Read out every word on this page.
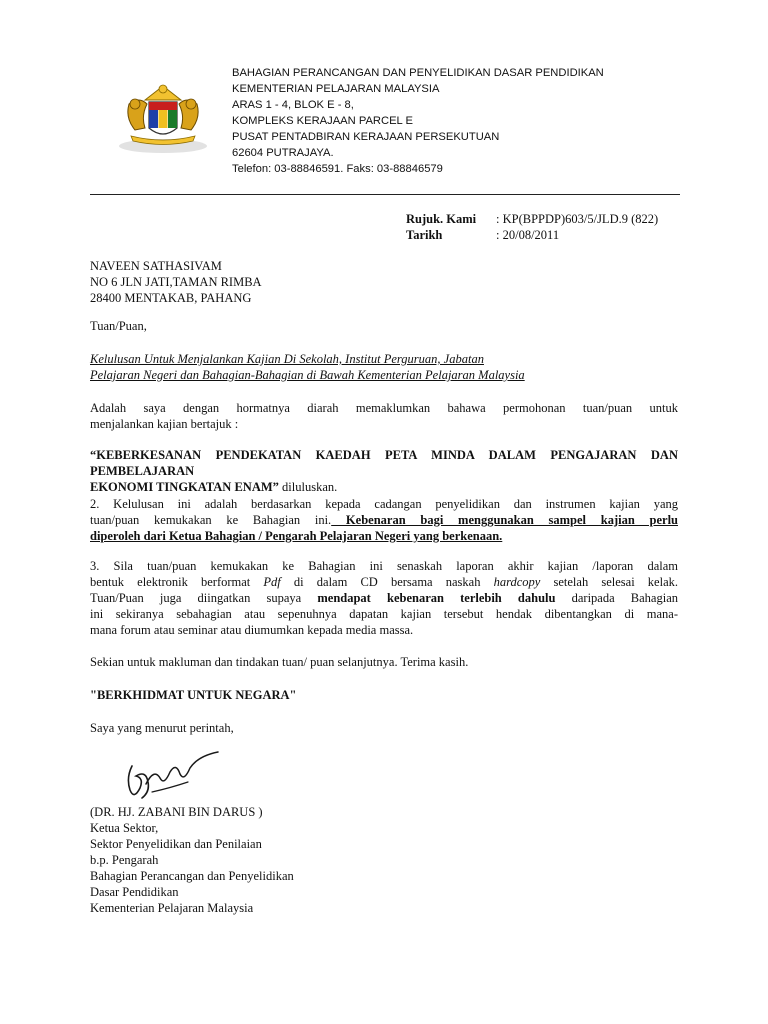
BAHAGIAN PERANCANGAN DAN PENYELIDIKAN DASAR PENDIDIKAN
KEMENTERIAN PELAJARAN MALAYSIA
ARAS 1 - 4, BLOK E - 8,
KOMPLEKS KERAJAAN PARCEL E
PUSAT PENTADBIRAN KERAJAAN PERSEKUTUAN
62604 PUTRAJAYA.
Telefon: 03-88846591. Faks: 03-88846579
Rujuk. Kami	: KP(BPPDP)603/5/JLD.9 (822)
Tarikh	: 20/08/2011
NAVEEN SATHASIVAM
NO 6 JLN JATI,TAMAN RIMBA
28400 MENTAKAB, PAHANG
Tuan/Puan,
Kelulusan Untuk Menjalankan Kajian Di Sekolah, Institut Perguruan, Jabatan
Pelajaran Negeri dan Bahagian-Bahagian di Bawah Kementerian Pelajaran Malaysia
Adalah saya dengan hormatnya diarah memaklumkan bahawa permohonan tuan/puan untuk
menjalankan kajian bertajuk :
“KEBERKESANAN PENDEKATAN KAEDAH PETA MINDA DALAM PENGAJARAN DAN PEMBELAJARAN
EKONOMI TINGKATAN ENAM” diluluskan.
2. Kelulusan ini adalah berdasarkan kepada cadangan penyelidikan dan instrumen kajian yang
tuan/puan kemukakan ke Bahagian ini. Kebenaran bagi menggunakan sampel kajian perlu
diperoleh dari Ketua Bahagian / Pengarah Pelajaran Negeri yang berkenaan.
3. Sila tuan/puan kemukakan ke Bahagian ini senaskah laporan akhir kajian /laporan dalam
bentuk elektronik berformat Pdf di dalam CD bersama naskah hardcopy setelah selesai kelak.
Tuan/Puan juga diingatkan supaya mendapat kebenaran terlebih dahulu daripada Bahagian
ini sekiranya sebahagian atau sepenuhnya dapatan kajian tersebut hendak dibentangkan di mana-
mana forum atau seminar atau diumumkan kepada media massa.
Sekian untuk makluman dan tindakan tuan/ puan selanjutnya. Terima kasih.
"BERKHIDMAT UNTUK NEGARA"
Saya yang menurut perintah,
(DR. HJ. ZABANI BIN DARUS )
Ketua Sektor,
Sektor Penyelidikan dan Penilaian
b.p. Pengarah
Bahagian Perancangan dan Penyelidikan
Dasar Pendidikan
Kementerian Pelajaran Malaysia
